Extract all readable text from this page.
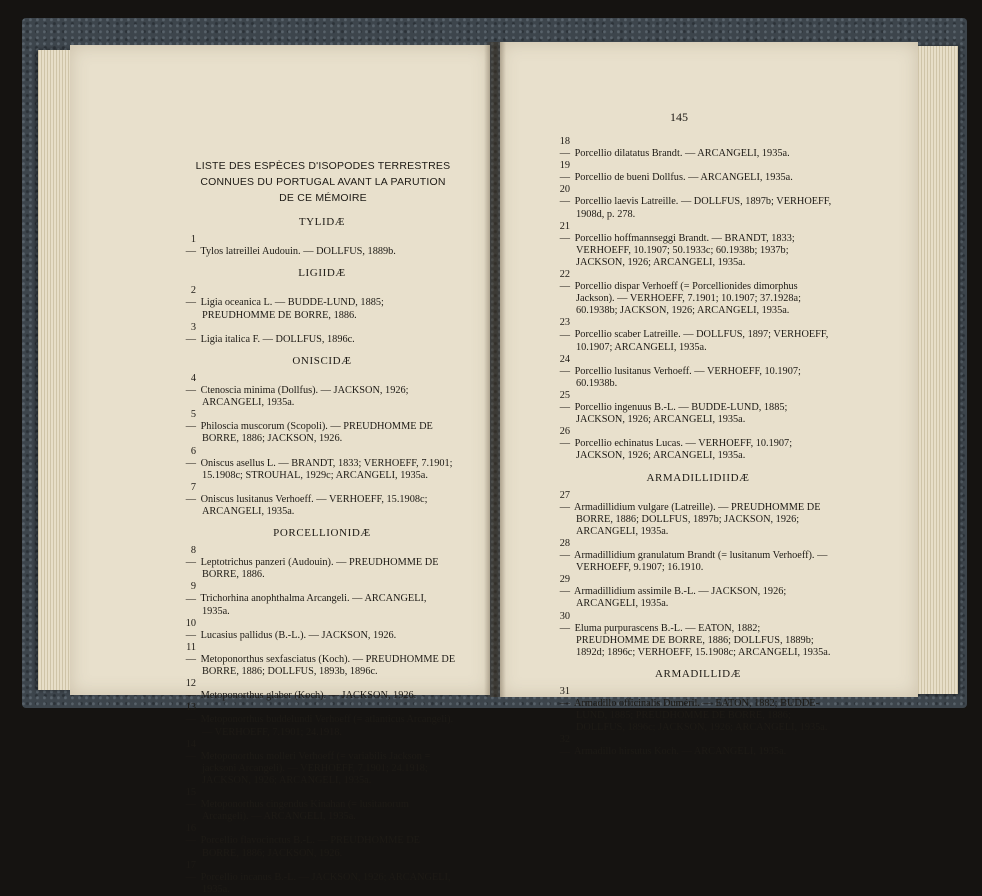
145
LISTE DES ESPÈCES D'ISOPODES TERRESTRES
CONNUES DU PORTUGAL AVANT LA PARUTION
DE CE MÉMOIRE
TYLIDÆ

1 — Tylos latreillei Audouin. — DOLLFUS, 1889b.

LIGIIDÆ

2 — Ligia oceanica L. — BUDDE-LUND, 1885; PREUDHOMME DE BORRE, 1886.

3 — Ligia italica F. — DOLLFUS, 1896c.

ONISCIDÆ

4 — Ctenoscia minima (Dollfus). — JACKSON, 1926; ARCANGELI, 1935a.

5 — Philoscia muscorum (Scopoli). — PREUDHOMME DE BORRE, 1886; JACKSON, 1926.

6 — Oniscus asellus L. — BRANDT, 1833; VERHOEFF, 7.1901; 15.1908c; STROUHAL, 1929c; ARCANGELI, 1935a.

7 — Oniscus lusitanus Verhoeff. — VERHOEFF, 15.1908c; ARCANGELI, 1935a.

PORCELLIONIDÆ

8 — Leptotrichus panzeri (Audouin). — PREUDHOMME DE BORRE, 1886.

9 — Trichorhina anophthalma Arcangeli. — ARCANGELI, 1935a.

10 — Lucasius pallidus (B.-L.). — JACKSON, 1926.

11 — Metoponorthus sexfasciatus (Koch). — PREUDHOMME DE BORRE, 1886; DOLLFUS, 1893b, 1896c.

12 — Metoponorthus glaber (Koch). — JACKSON, 1926.

13 — Metoponorthus buddelundi Verhoeff (= atlanticus Arcangeli). — VERHOEFF, 7.1901; 24.1918.

14 — Metoponorthus molleri Verhoeff (= variabilis Jackson = jacksoni Arcangeli). — VERHOEFF, 7.1901; 24.1918; JACKSON, 1926; ARCANGELI, 1935a.

15 — Metoponorthus cingendus Kinahan (= lusitanorum Arcangeli). — ARCANGELI, 1935a.

16 — Porcellio flavocinctus B.-L. — PREUDHOMME DE BORRE, 1886; JACKSON, 1926.

17 — Porcellio incanus B.-L. — JACKSON, 1926; ARCANGELI, 1935a.

18 — Porcellio dilatatus Brandt. — ARCANGELI, 1935a.

19 — Porcellio de bueni Dollfus. — ARCANGELI, 1935a.

20 — Porcellio laevis Latreille. — DOLLFUS, 1897b; VERHOEFF, 1908d, p. 278.

21 — Porcellio hoffmannseggi Brandt. — BRANDT, 1833; VERHOEFF, 10.1907; 50.1933c; 60.1938b; 1937b; JACKSON, 1926; ARCANGELI, 1935a.

22 — Porcellio dispar Verhoeff (= Porcellionides dimorphus Jackson). — VERHOEFF, 7.1901; 10.1907; 37.1928a; 60.1938b; JACKSON, 1926; ARCANGELI, 1935a.

23 — Porcellio scaber Latreille. — DOLLFUS, 1897; VERHOEFF, 10.1907; ARCANGELI, 1935a.

24 — Porcellio lusitanus Verhoeff. — VERHOEFF, 10.1907; 60.1938b.

25 — Porcellio ingenuus B.-L. — BUDDE-LUND, 1885; JACKSON, 1926; ARCANGELI, 1935a.

26 — Porcellio echinatus Lucas. — VERHOEFF, 10.1907; JACKSON, 1926; ARCANGELI, 1935a.

ARMADILLIDIIDÆ

27 — Armadillidium vulgare (Latreille). — PREUDHOMME DE BORRE, 1886; DOLLFUS, 1897b; JACKSON, 1926; ARCANGELI, 1935a.

28 — Armadillidium granulatum Brandt (= lusitanum Verhoeff). — VERHOEFF, 9.1907; 16.1910.

29 — Armadillidium assimile B.-L. — JACKSON, 1926; ARCANGELI, 1935a.

30 — Eluma purpurascens B.-L. — EATON, 1882; PREUDHOMME DE BORRE, 1886; DOLLFUS, 1889b; 1892d; 1896c; VERHOEFF, 15.1908c; ARCANGELI, 1935a.

ARMADILLIDÆ

31 — Armadillo officinalis Duméril. — EATON, 1882; BUDDE-LUND, 1885; PREUDHOMME DE BORRE, 1886; DOLLFUS, 1896c; JACKSON, 1926; ARCANGELI, 1935a.

32 — Armadillo hirsutus Koch. — ARCANGELI, 1935a.
